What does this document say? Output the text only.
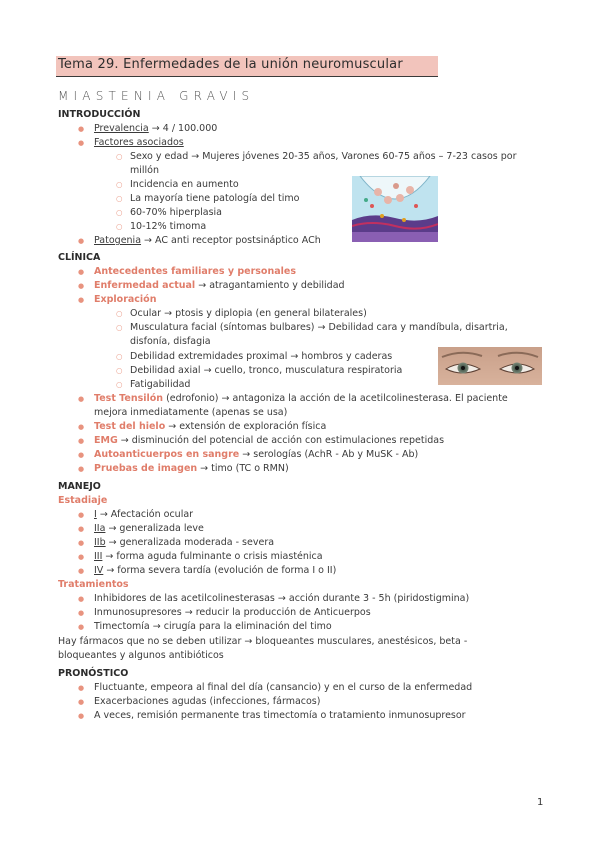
Tema 29. Enfermedades de la unión neuromuscular
MIASTENIA GRAVIS
INTRODUCCIÓN
● Prevalencia → 4 / 100.000
● Factores asociados
○ Sexo y edad → Mujeres jóvenes 20-35 años, Varones 60-75 años – 7-23 casos por
millón
○ Incidencia en aumento
○ La mayoría tiene patología del timo
○ 60-70% hiperplasia
○ 10-12% timoma
● Patogenia → AC anti receptor postsináptico ACh
CLÍNICA
● Antecedentes familiares y personales
● Enfermedad actual → atragantamiento y debilidad
● Exploración
○ Ocular → ptosis y diplopia (en general bilaterales)
○ Musculatura facial (síntomas bulbares) → Debilidad cara y mandíbula, disartria,
disfonía, disfagia
○ Debilidad extremidades proximal → hombros y caderas
○ Debilidad axial → cuello, tronco, musculatura respiratoria
○ Fatigabilidad
● Test Tensilón (edrofonio) → antagoniza la acción de la acetilcolinesterasa. El paciente
mejora inmediatamente (apenas se usa)
● Test del hielo → extensión de exploración física
● EMG → disminución del potencial de acción con estimulaciones repetidas
● Autoanticuerpos en sangre → serologías (AchR - Ab y MuSK - Ab)
● Pruebas de imagen → timo (TC o RMN)
MANEJO
Estadiaje
● I → Afectación ocular
● IIa → generalizada leve
● IIb → generalizada moderada - severa
● III → forma aguda fulminante o crisis miasténica
● IV → forma severa tardía (evolución de forma I o II)
Tratamientos
● Inhibidores de las acetilcolinesterasas → acción durante 3 - 5h (piridostigmina)
● Inmunosupresores → reducir la producción de Anticuerpos
● Timectomía → cirugía para la eliminación del timo
Hay fármacos que no se deben utilizar → bloqueantes musculares, anestésicos, beta -
bloqueantes y algunos antibióticos
PRONÓSTICO
● Fluctuante, empeora al final del día (cansancio) y en el curso de la enfermedad
● Exacerbaciones agudas (infecciones, fármacos)
● A veces, remisión permanente tras timectomía o tratamiento inmunosupresor
1
